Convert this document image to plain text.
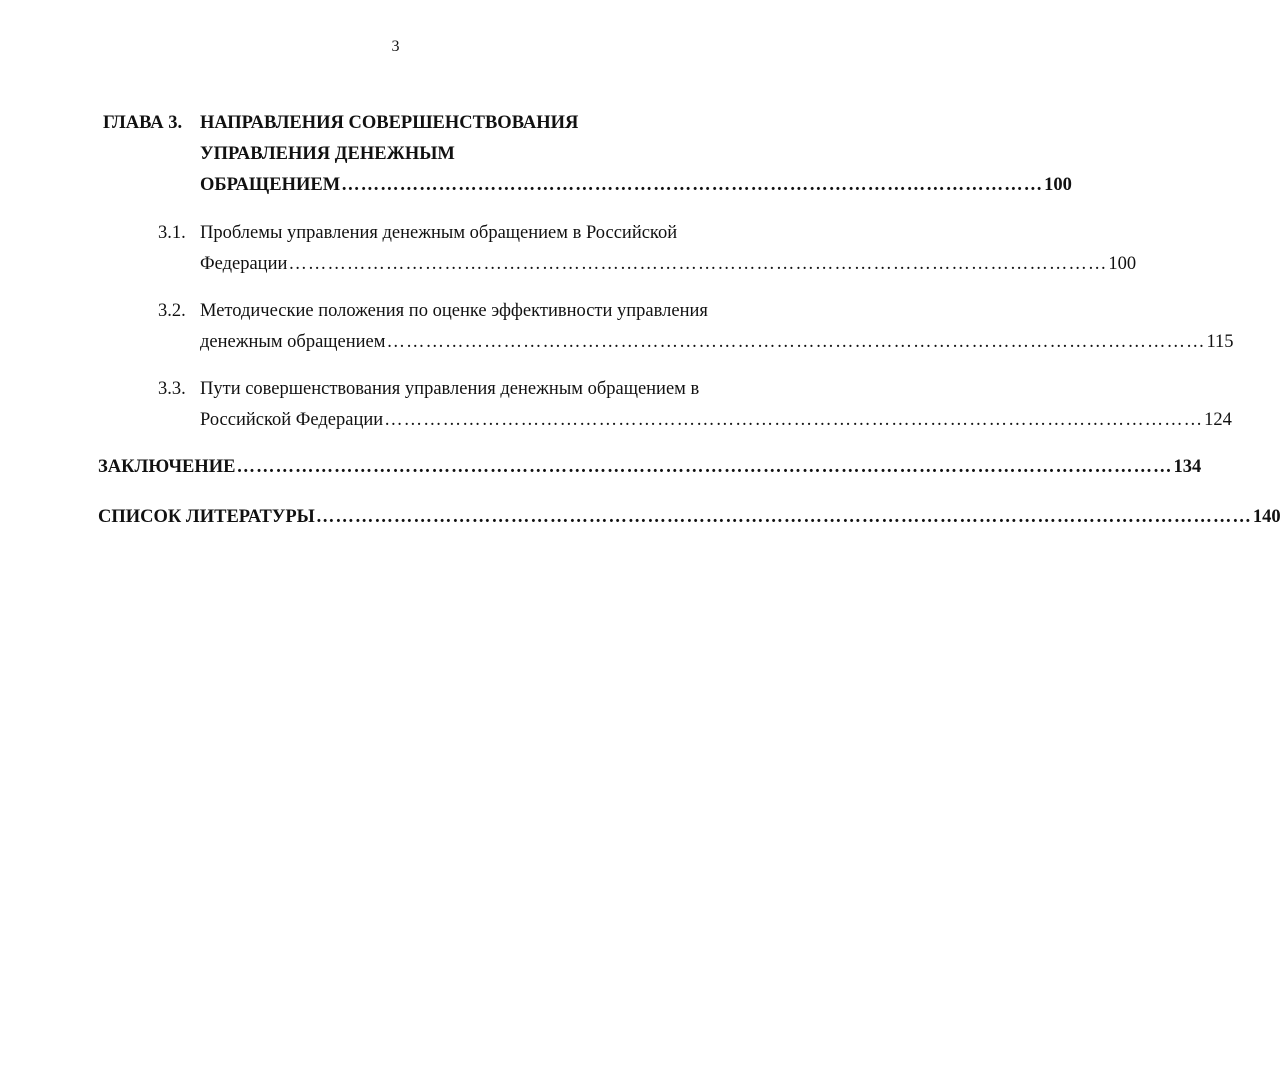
3
ГЛАВА 3. НАПРАВЛЕНИЯ СОВЕРШЕНСТВОВАНИЯ
УПРАВЛЕНИЯ ДЕНЕЖНЫМ
ОБРАЩЕНИЕМ ……………………………………………………………………………………………… 100
3.1. Проблемы управления денежным обращением в Российской
Федерации ……………………………………………………………………………………………………………… 100
3.2. Методические положения по оценке эффективности управления
денежным обращением ……………………………………………………………………………………………………………… 115
3.3. Пути совершенствования управления денежным обращением в
Российской Федерации ……………………………………………………………………………………………………………… 124
ЗАКЛЮЧЕНИЕ ……………………………………………………………………………………………………………………………… 134
СПИСОК ЛИТЕРАТУРЫ ……………………………………………………………………………………………………………………………… 140
